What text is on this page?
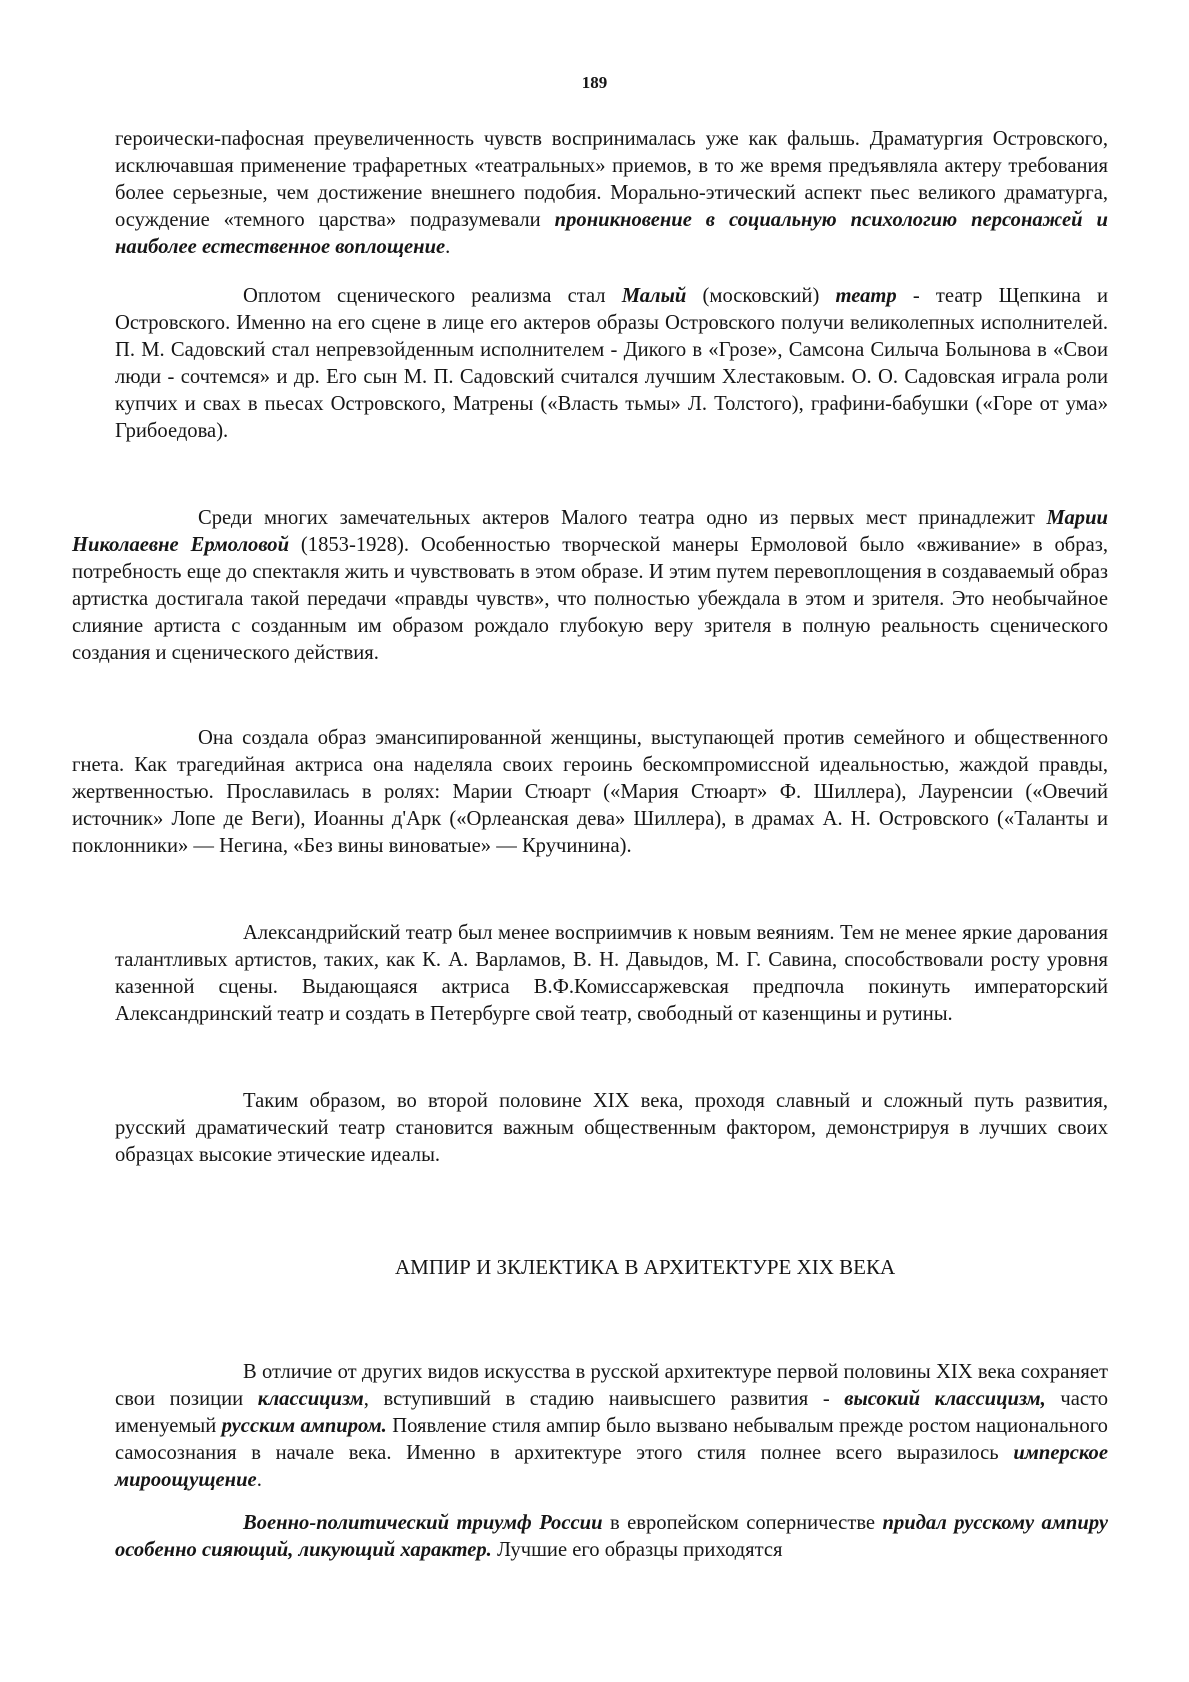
189

героически-пафосная преувеличенность чувств воспринималась уже как фальшь. Драматургия Островского, исключавшая применение трафаретных «театральных» приемов, в то же время предъявляла актеру требования более серьезные, чем достижение внешнего подобия. Морально-этический аспект пьес великого драматурга, осуждение «темного царства» подразумевали проникновение в социальную психологию персонажей и наиболее естественное воплощение.

Оплотом сценического реализма стал Малый (московский) театр - театр Щепкина и Островского. Именно на его сцене в лице его актеров образы Островского получи великолепных исполнителей. П. М. Садовский стал непревзойденным исполнителем - Дикого в «Грозе», Самсона Силыча Болынова в «Свои люди - сочтемся» и др. Его сын М. П. Садовский считался лучшим Хлестаковым. О. О. Садовская играла роли купчих и свах в пьесах Островского, Матрены («Власть тьмы» Л. Толстого), графини-бабушки («Горе от ума» Грибоедова).

Среди многих замечательных актеров Малого театра одно из первых мест принадлежит Марии Николаевне Ермоловой (1853-1928). Особенностью творческой манеры Ермоловой было «вживание» в образ, потребность еще до спектакля жить и чувствовать в этом образе. И этим путем перевоплощения в создаваемый образ артистка достигала такой передачи «правды чувств», что полностью убеждала в этом и зрителя. Это необычайное слияние артиста с созданным им образом рождало глубокую веру зрителя в полную реальность сценического создания и сценического действия.

Она создала образ эмансипированной женщины, выступающей против семейного и общественного гнета. Как трагедийная актриса она наделяла своих героинь бескомпромиссной идеальностью, жаждой правды, жертвенностью. Прославилась в ролях: Марии Стюарт («Мария Стюарт» Ф. Шиллера), Лауренсии («Овечий источник» Лопе де Веги), Иоанны д'Арк («Орлеанская дева» Шиллера), в драмах А. Н. Островского («Таланты и поклонники» — Негина, «Без вины виноватые» — Кручинина).

Александрийский театр был менее восприимчив к новым веяниям. Тем не менее яркие дарования талантливых артистов, таких, как К. А. Варламов, В. Н. Давыдов, М. Г. Савина, способствовали росту уровня казенной сцены. Выдающаяся актриса В.Ф.Комиссаржевская предпочла покинуть императорский Александринский театр и создать в Петербурге свой театр, свободный от казенщины и рутины.

Таким образом, во второй половине XIX века, проходя славный и сложный путь развития, русский драматический театр становится важным общественным фактором, демонстрируя в лучших своих образцах высокие этические идеалы.

АМПИР И ЗКЛЕКТИКА В АРХИТЕКТУРЕ XIX ВЕКА

В отличие от других видов искусства в русской архитектуре первой половины XIX века сохраняет свои позиции классицизм, вступивший в стадию наивысшего развития - высокий классицизм, часто именуемый русским ампиром. Появление стиля ампир было вызвано небывалым прежде ростом национального самосознания в начале века. Именно в архитектуре этого стиля полнее всего выразилось имперское мироощущение.

Военно-политический триумф России в европейском соперничестве придал русскому ампиру особенно сияющий, ликующий характер. Лучшие его образцы приходятся
